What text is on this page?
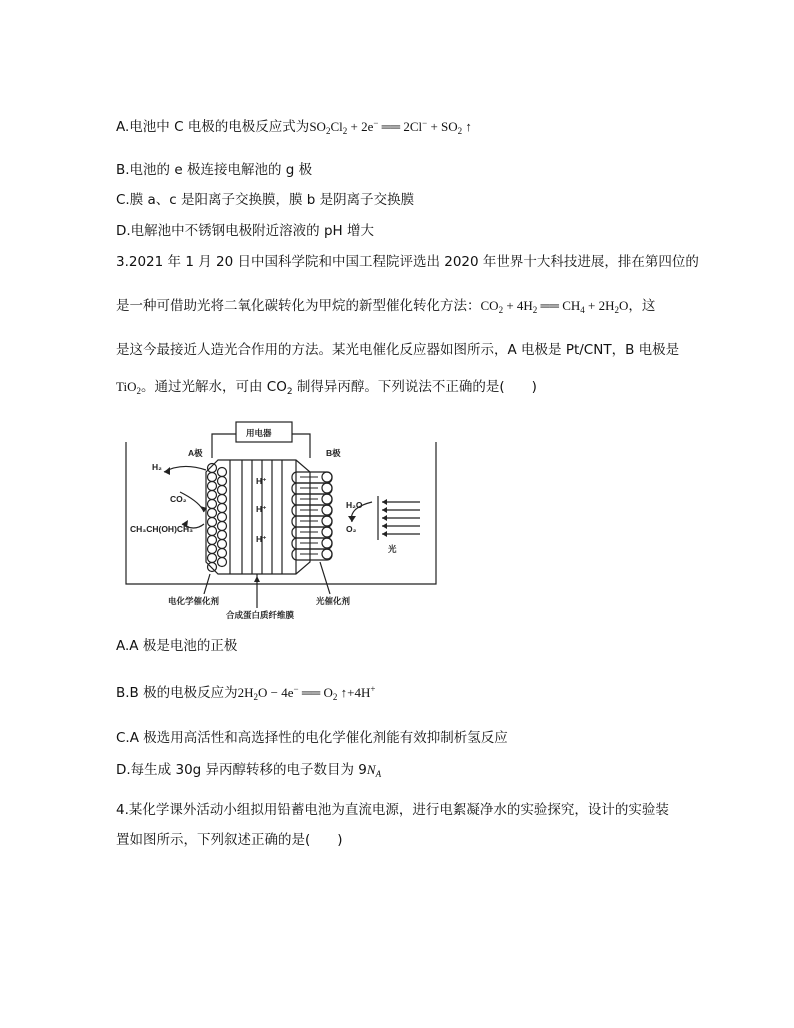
A.电池中 C 电极的电极反应式为$SO_2Cl_2 + 2e^-$ ══ $2Cl^- + SO_2$ ↑
B.电池的 e 极连接电解池的 g 极
C.膜 a、c 是阳离子交换膜，膜 b 是阴离子交换膜
D.电解池中不锈钢电极附近溶液的 pH 增大
3.2021 年 1 月 20 日中国科学院和中国工程院评选出 2020 年世界十大科技进展，排在第四位的
是一种可借助光将二氧化碳转化为甲烷的新型催化转化方法：$CO_2 + 4H_2$ ══ $CH_4 + 2H_2O$，这
是这今最接近人造光合作用的方法。某光电催化反应器如图所示，A 电极是 Pt/CNT，B 电极是
TiO$_2$。通过光解水，可由 $CO_2$ 制得异丙醇。下列说法不正确的是(　　)
用电器
A极	B极
H₂
CO₂
CH₃CH(OH)CH₃
H⁺
H⁺
H⁺
H₂O
O₂
光
电化学催化剂
合成蛋白质纤维膜
光催化剂
A.A 极是电池的正极
B.B 极的电极反应为$2H_2O - 4e^-$ ══ $O_2$ ↑+4H+
C.A 极选用高活性和高选择性的电化学催化剂能有效抑制析氢反应
D.每生成 30g 异丙醇转移的电子数目为 $9N_A$
4.某化学课外活动小组拟用铅蓄电池为直流电源，进行电絮凝净水的实验探究，设计的实验装
置如图所示，下列叙述正确的是(　　)
